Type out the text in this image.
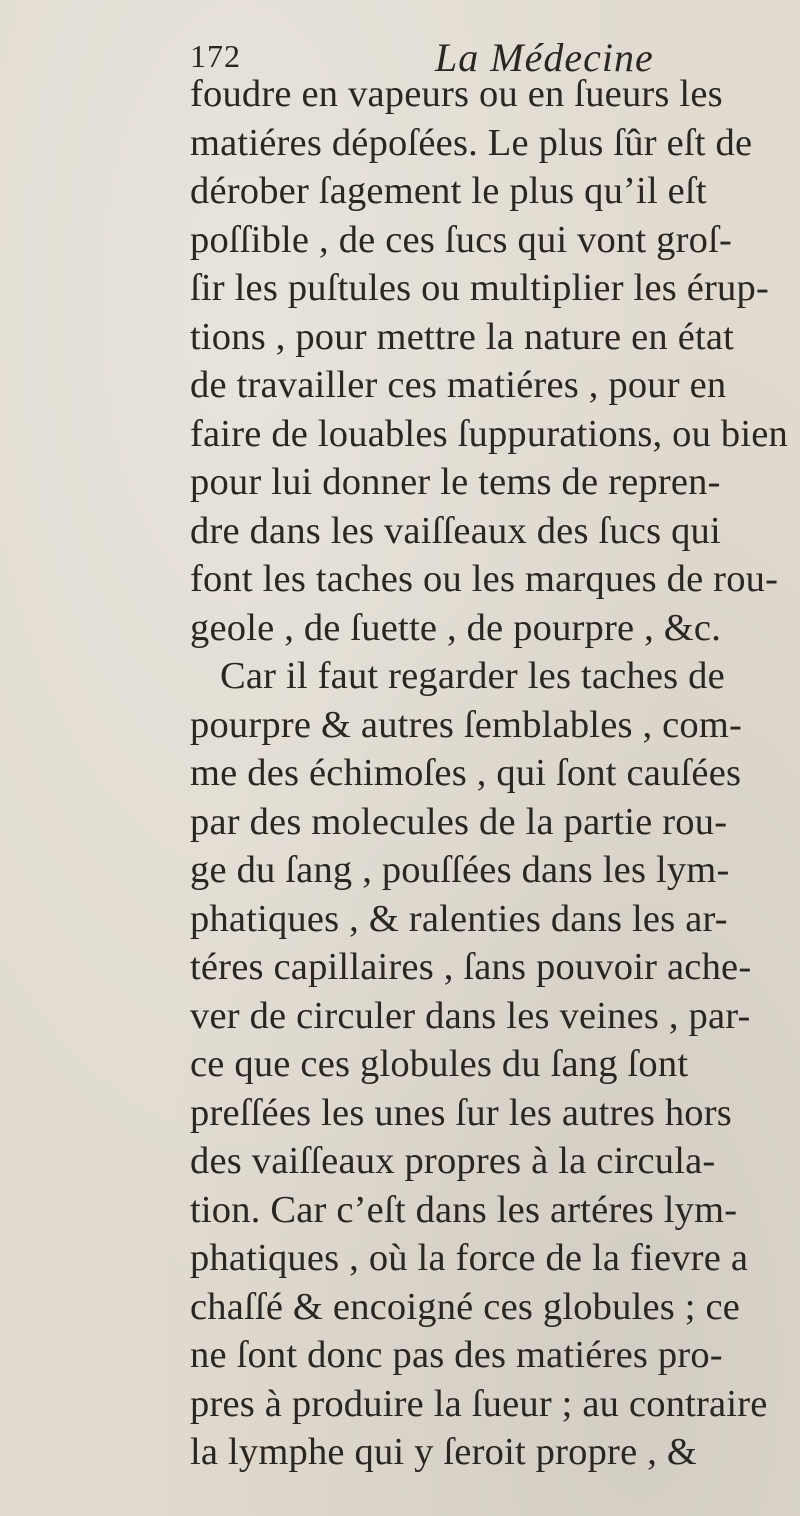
172	La Médecine
foudre en vapeurs ou en ſueurs les
matiéres dépoſées. Le plus ſûr eſt de
dérober ſagement le plus qu’il eſt
poſſible , de ces ſucs qui vont groſ-
ſir les puſtules ou multiplier les érup-
tions , pour mettre la nature en état
de travailler ces matiéres , pour en
faire de louables ſuppurations, ou bien
pour lui donner le tems de repren-
dre dans les vaiſſeaux des ſucs qui
font les taches ou les marques de rou-
geole , de ſuette , de pourpre , &c.
Car il faut regarder les taches de
pourpre & autres ſemblables , com-
me des échimoſes , qui ſont cauſées
par des molecules de la partie rou-
ge du ſang , pouſſées dans les lym-
phatiques , & ralenties dans les ar-
téres capillaires , ſans pouvoir ache-
ver de circuler dans les veines , par-
ce que ces globules du ſang ſont
preſſées les unes ſur les autres hors
des vaiſſeaux propres à la circula-
tion. Car c’eſt dans les artéres lym-
phatiques , où la force de la fievre a
chaſſé & encoigné ces globules ; ce
ne ſont donc pas des matiéres pro-
pres à produire la ſueur ; au contraire
la lymphe qui y ſeroit propre , &
